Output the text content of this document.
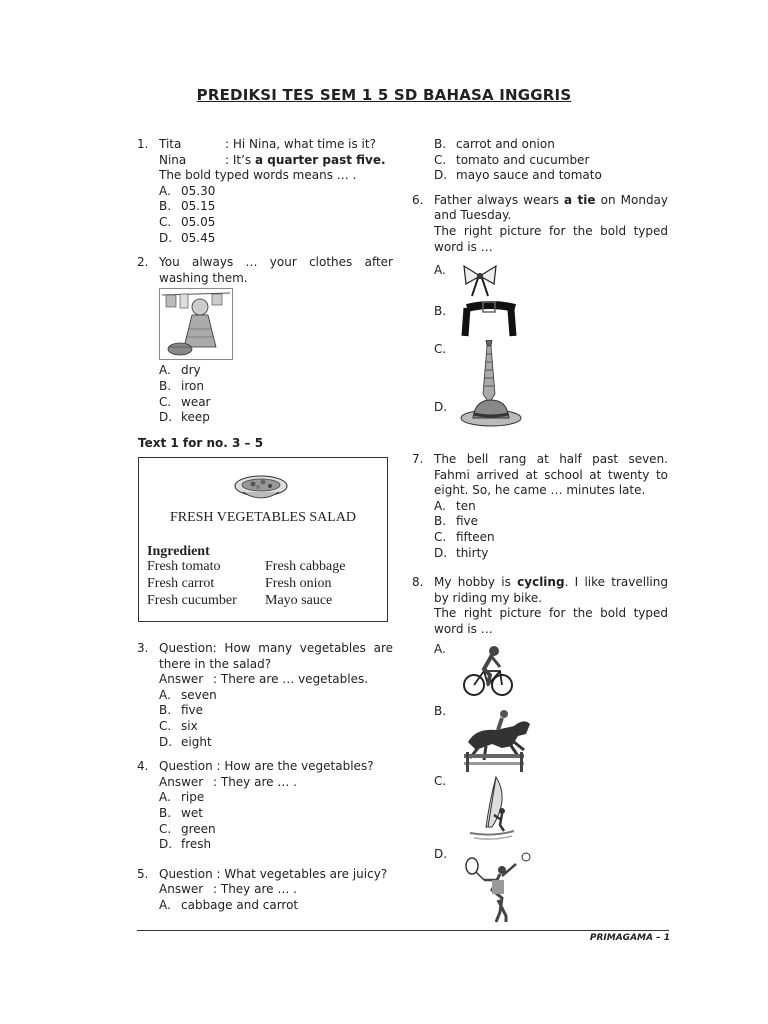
PREDIKSI TES SEM 1 5 SD BAHASA INGGRIS
1. Tita	: Hi Nina, what time is it?
Nina	: It’s a quarter past five.
The bold typed words means … .
A. 05.30
B. 05.15
C. 05.05
D. 05.45
2. You always … your clothes after washing them.
A. dry
B. iron
C. wear
D. keep
Text 1 for no. 3 – 5
FRESH VEGETABLES SALAD
Ingredient
Fresh tomato	Fresh cabbage
Fresh carrot	Fresh onion
Fresh cucumber	Mayo sauce
3. Question: How many vegetables are there in the salad?
Answer : There are … vegetables.
A. seven
B. five
C. six
D. eight
4. Question : How are the vegetables?
Answer : They are … .
A. ripe
B. wet
C. green
D. fresh
5. Question : What vegetables are juicy?
Answer : They are … .
A. cabbage and carrot
B. carrot and onion
C. tomato and cucumber
D. mayo sauce and tomato
6. Father always wears a tie on Monday and Tuesday.
The right picture for the bold typed word is …
A.
B.
C.
D.
7. The bell rang at half past seven. Fahmi arrived at school at twenty to eight. So, he came … minutes late.
A. ten
B. five
C. fifteen
D. thirty
8. My hobby is cycling. I like travelling by riding my bike.
The right picture for the bold typed word is …
A.
B.
C.
D.
PRIMAGAMA – 1
